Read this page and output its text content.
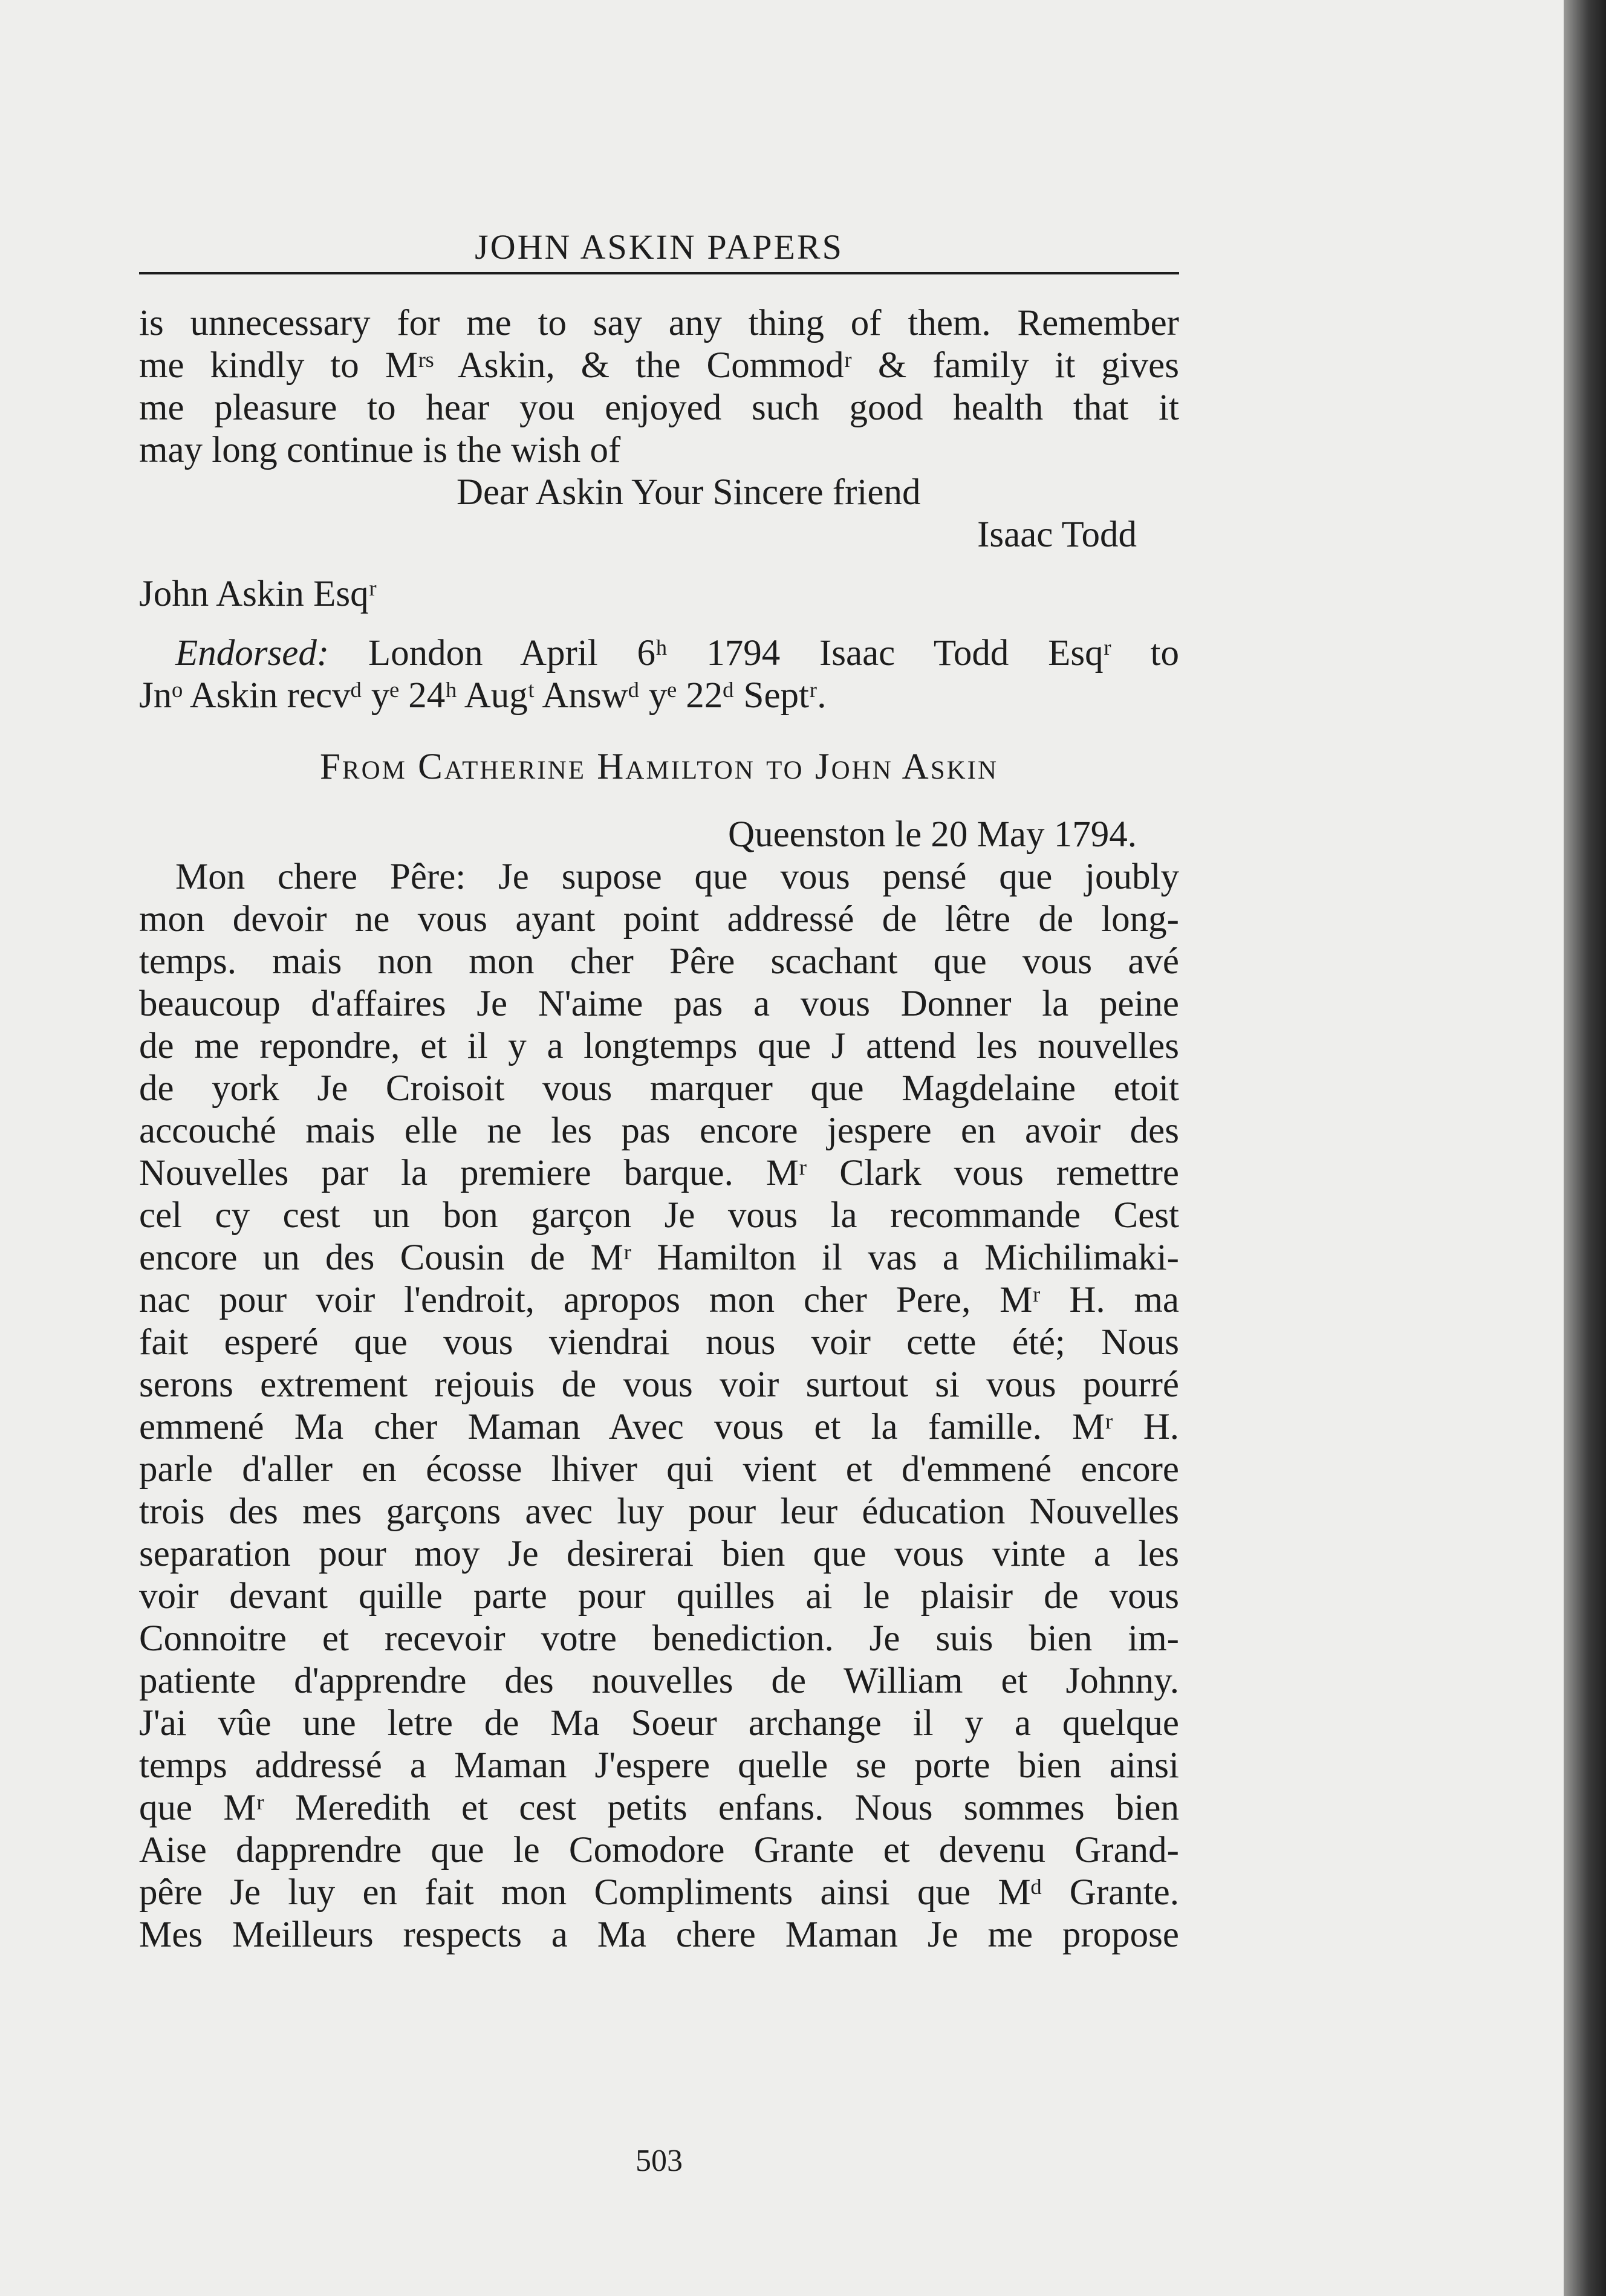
JOHN ASKIN PAPERS
is unnecessary for me to say any thing of them. Remember
me kindly to Mʳˢ Askin, & the Commodʳ & family it gives
me pleasure to hear you enjoyed such good health that it
may long continue is the wish of
Dear Askin Your Sincere friend
Isaac Todd
John Askin Esqʳ
Endorsed: London April 6ʰ 1794 Isaac Todd Esqʳ to
Jnᵒ Askin recvᵈ yᵉ 24ʰ Augᵗ Answᵈ yᵉ 22ᵈ Septʳ.
From Catherine Hamilton to John Askin
Queenston le 20 May 1794.
Mon chere Pêre: Je supose que vous pensé que joubly
mon devoir ne vous ayant point addressé de lêtre de long-
temps. mais non mon cher Pêre scachant que vous avé
beaucoup d'affaires Je N'aime pas a vous Donner la peine
de me repondre, et il y a longtemps que J attend les nouvelles
de york Je Croisoit vous marquer que Magdelaine etoit
accouché mais elle ne les pas encore jespere en avoir des
Nouvelles par la premiere barque. Mʳ Clark vous remettre
cel cy cest un bon garçon Je vous la recommande Cest
encore un des Cousin de Mʳ Hamilton il vas a Michilimaki-
nac pour voir l'endroit, apropos mon cher Pere, Mʳ H. ma
fait esperé que vous viendrai nous voir cette été; Nous
serons extrement rejouis de vous voir surtout si vous pourré
emmené Ma cher Maman Avec vous et la famille. Mʳ H.
parle d'aller en écosse lhiver qui vient et d'emmené encore
trois des mes garçons avec luy pour leur éducation Nouvelles
separation pour moy Je desirerai bien que vous vinte a les
voir devant quille parte pour quilles ai le plaisir de vous
Connoitre et recevoir votre benediction. Je suis bien im-
patiente d'apprendre des nouvelles de William et Johnny.
J'ai vûe une letre de Ma Soeur archange il y a quelque
temps addressé a Maman J'espere quelle se porte bien ainsi
que Mʳ Meredith et cest petits enfans. Nous sommes bien
Aise dapprendre que le Comodore Grante et devenu Grand-
pêre Je luy en fait mon Compliments ainsi que Mᵈ Grante.
Mes Meilleurs respects a Ma chere Maman Je me propose
503
